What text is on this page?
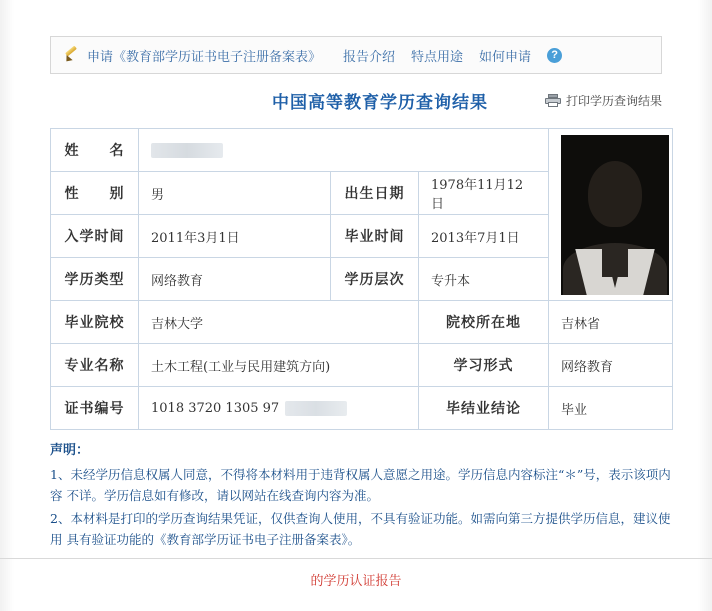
申请《教育部学历证书电子注册备案表》 报告介绍 特点用途 如何申请	?
中国高等教育学历查询结果	打印学历查询结果
姓　　名				

性　　别	男	出生日期	1978年11月12日	
入学时间	2011年3月1日	毕业时间	2013年7月1日	
学历类型	网络教育	学历层次	专升本	
毕业院校	吉林大学		院校所在地	吉林省
专业名称	土木工程(工业与民用建筑方向)		学习形式	网络教育
证书编号	1018 3720 1305 97		毕结业结论	毕业
声明：

1、未经学历信息权属人同意，不得将本材料用于违背权属人意愿之用途。学历信息内容标注“＊”号，表示该项内容 不详。学历信息如有修改，请以网站在线查询内容为准。

2、本材料是打印的学历查询结果凭证，仅供查询人使用，不具有验证功能。如需向第三方提供学历信息，建议使用 具有验证功能的《教育部学历证书电子注册备案表》。

的学历认证报告
